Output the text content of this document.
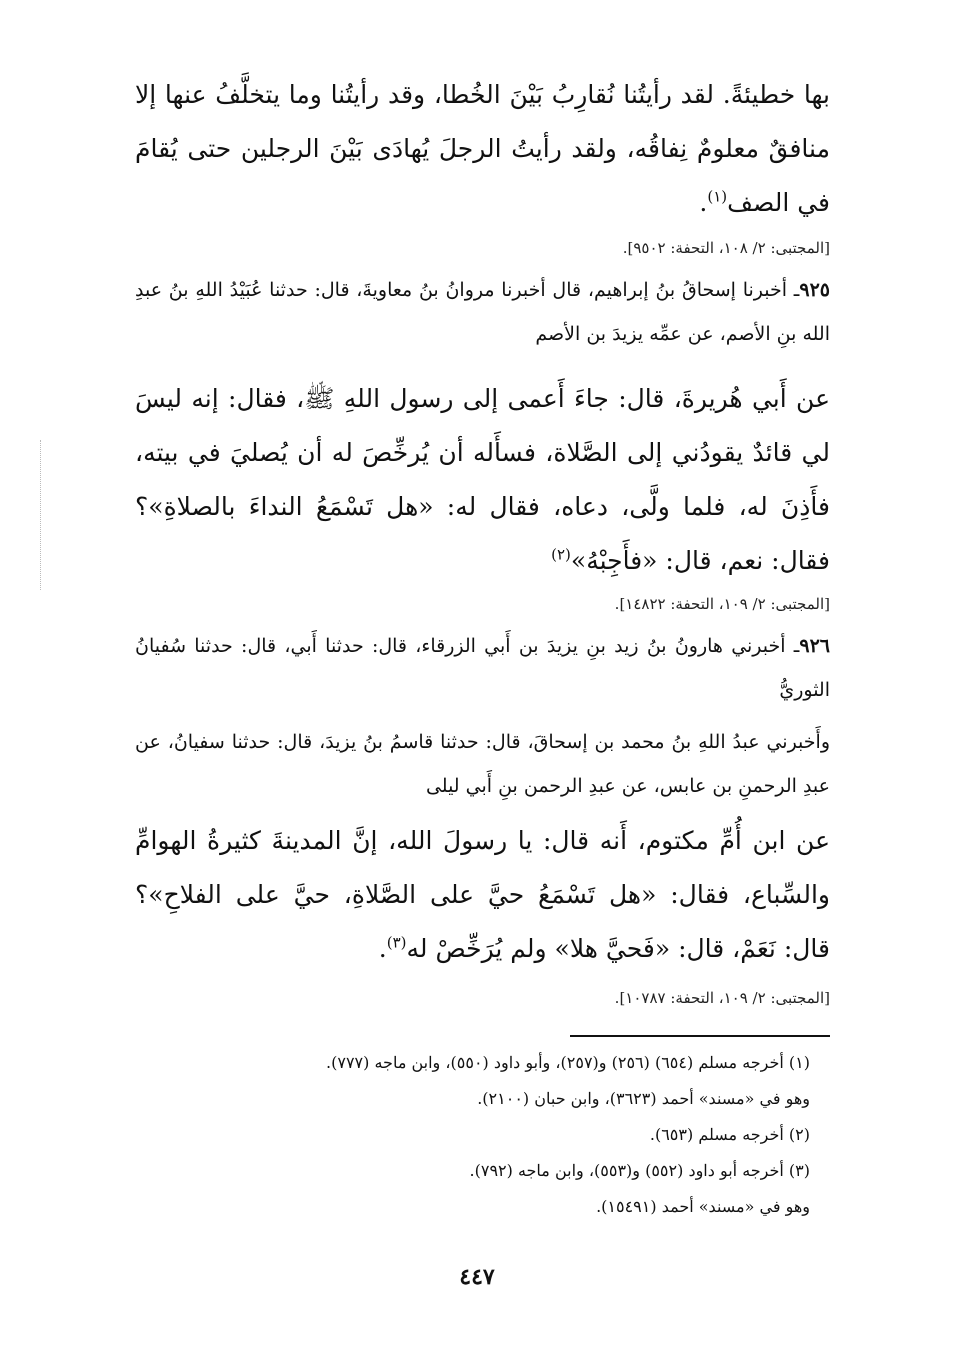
بها خطيئةً. لقد رأيتُنا نُقارِبُ بَيْنَ الخُطا، وقد رأيتُنا وما يتخلَّفُ عنها إلا منافقٌ معلومٌ نِفاقُه، ولقد رأيتُ الرجلَ يُهادَى بَيْنَ الرجلين حتى يُقامَ في الصف$^{(١)}$.
[المجتبى: ٢/ ١٠٨، التحفة: ٩٥٠٢].
٩٢٥ـ أخبرنا إسحاقُ بنُ إبراهيم، قال أخبرنا مروانُ بنُ معاويةَ، قال: حدثنا عُبَيْدُ اللهِ بنُ عبدِ الله بنِ الأصم، عن عمِّه يزيدَ بن الأصم
عن أَبي هُريرةَ، قال: جاءَ أَعمى إلى رسول اللهِ ﷺ، فقال: إنه ليسَ لي قائدٌ يقودُني إلى الصَّلاة، فسأَله أن يُرخِّصَ له أن يُصليَ في بيته، فأَذِنَ له، فلما ولَّى، دعاه، فقال له: «هل تَسْمَعُ النداءَ بالصلاةِ»؟ فقال: نعم، قال: «فأَجِبْهُ»$^{(٢)}$
[المجتبى: ٢/ ١٠٩، التحفة: ١٤٨٢٢].
٩٢٦ـ أخبرني هارونُ بنُ زيد بنِ يزيدَ بن أَبي الزرقاء، قال: حدثنا أَبي، قال: حدثنا سُفيانُ الثوريُّ
وأَخبرني عبدُ اللهِ بنُ محمد بن إسحاقَ، قال: حدثنا قاسمُ بنُ يزيدَ، قال: حدثنا سفيانُ، عن عبدِ الرحمنِ بن عابس، عن عبدِ الرحمن بنِ أَبي ليلى
عن ابن أُمِّ مكتوم، أَنه قال: يا رسولَ الله، إنَّ المدينةَ كثيرةُ الهوامِّ والسِّباع، فقال: «هل تَسْمَعُ حيَّ على الصَّلاةِ، حيَّ على الفلاحِ»؟ قال: نَعَمْ، قال: «فَحيَّ هلا» ولم يُرَخِّصْ له$^{(٣)}$.
[المجتبى: ٢/ ١٠٩، التحفة: ١٠٧٨٧].
(١) أخرجه مسلم (٦٥٤) (٢٥٦) و(٢٥٧)، وأبو داود (٥٥٠)، وابن ماجه (٧٧٧).
وهو في «مسند» أحمد (٣٦٢٣)، وابن حبان (٢١٠٠).
(٢) أخرجه مسلم (٦٥٣).
(٣) أخرجه أبو داود (٥٥٢) و(٥٥٣)، وابن ماجه (٧٩٢).
وهو في «مسند» أحمد (١٥٤٩١).
٤٤٧
